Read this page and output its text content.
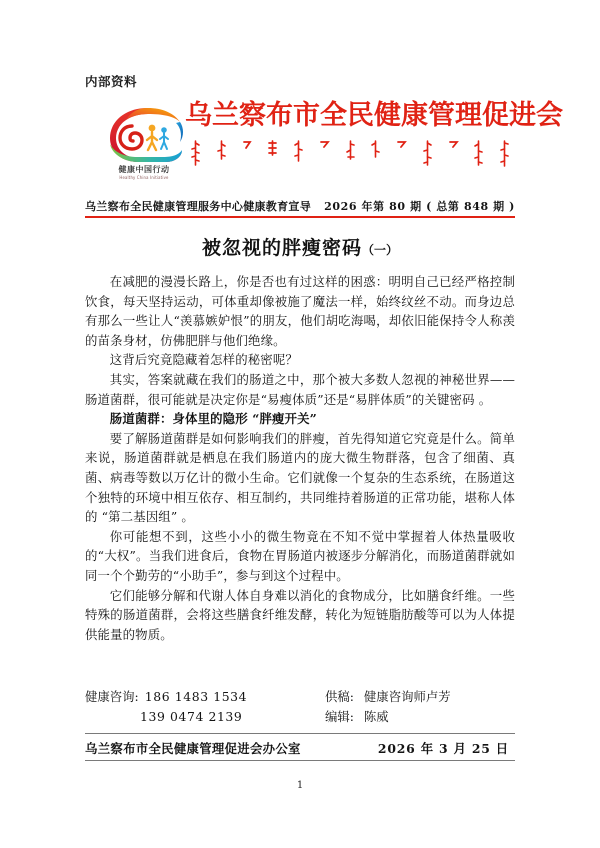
内部资料
健康中国行动
Healthy China Initiative
乌兰察布市全民健康管理促进会
乌兰察布全民健康管理服务中心健康教育宣导 2026 年第 80 期 ( 总第 848 期 )
被忽视的胖瘦密码（一）

在减肥的漫漫长路上，你是否也有过这样的困惑：明明自己已经严格控制饮食，每天坚持运动，可体重却像被施了魔法一样，始终纹丝不动。而身边总有那么一些让人“羡慕嫉妒恨”的朋友，他们胡吃海喝，却依旧能保持令人称羡的苗条身材，仿佛肥胖与他们绝缘。

这背后究竟隐藏着怎样的秘密呢？

其实，答案就藏在我们的肠道之中，那个被大多数人忽视的神秘世界——肠道菌群，很可能就是决定你是“易瘦体质”还是“易胖体质”的关键密码 。

肠道菌群：身体里的隐形 “胖瘦开关”

要了解肠道菌群是如何影响我们的胖瘦，首先得知道它究竟是什么。简单来说，肠道菌群就是栖息在我们肠道内的庞大微生物群落，包含了细菌、真菌、病毒等数以万亿计的微小生命。它们就像一个复杂的生态系统，在肠道这个独特的环境中相互依存、相互制约，共同维持着肠道的正常功能，堪称人体的 “第二基因组” 。

你可能想不到，这些小小的微生物竟在不知不觉中掌握着人体热量吸收的“大权”。当我们进食后，食物在胃肠道内被逐步分解消化，而肠道菌群就如同一个个勤劳的“小助手”，参与到这个过程中。

它们能够分解和代谢人体自身难以消化的食物成分，比如膳食纤维。一些特殊的肠道菌群，会将这些膳食纤维发酵，转化为短链脂肪酸等可以为人体提供能量的物质。

健康咨询: 186 1483 1534	供稿: 健康咨询师卢芳
139 0474 2139	编辑: 陈威
乌兰察布市全民健康管理促进会办公室	2026 年 3 月 25 日
1
